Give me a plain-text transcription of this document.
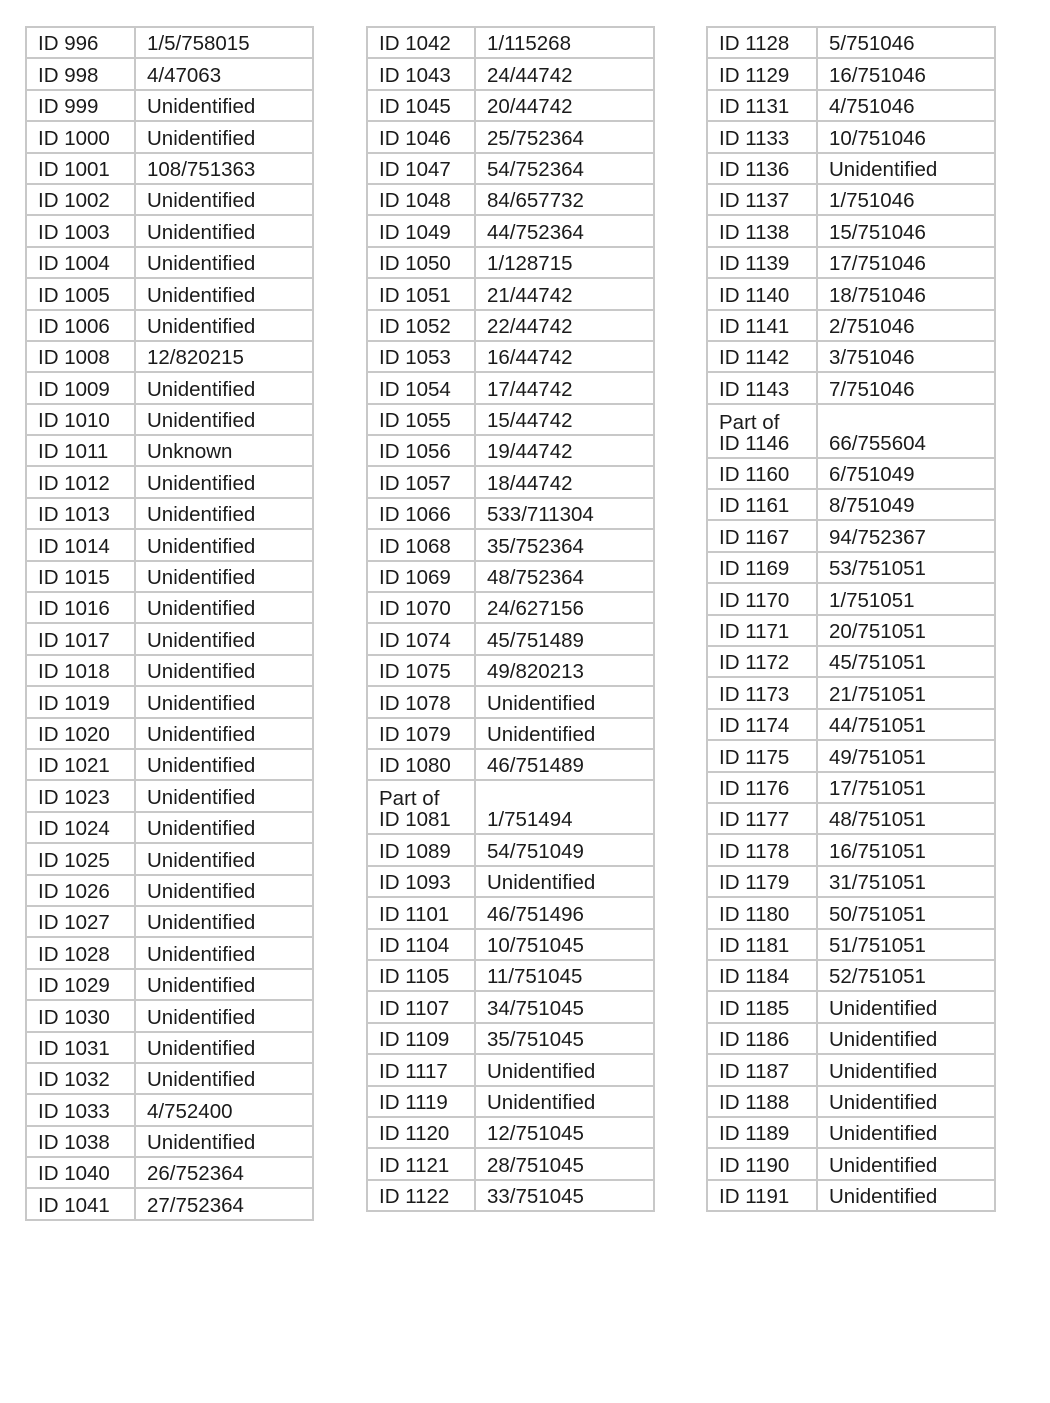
ID 996	1/5/758015
ID 998	4/47063
ID 999	Unidentified
ID 1000	Unidentified
ID 1001	108/751363
ID 1002	Unidentified
ID 1003	Unidentified
ID 1004	Unidentified
ID 1005	Unidentified
ID 1006	Unidentified
ID 1008	12/820215
ID 1009	Unidentified
ID 1010	Unidentified
ID 1011	Unknown
ID 1012	Unidentified
ID 1013	Unidentified
ID 1014	Unidentified
ID 1015	Unidentified
ID 1016	Unidentified
ID 1017	Unidentified
ID 1018	Unidentified
ID 1019	Unidentified
ID 1020	Unidentified
ID 1021	Unidentified
ID 1023	Unidentified
ID 1024	Unidentified
ID 1025	Unidentified
ID 1026	Unidentified
ID 1027	Unidentified
ID 1028	Unidentified
ID 1029	Unidentified
ID 1030	Unidentified
ID 1031	Unidentified
ID 1032	Unidentified
ID 1033	4/752400
ID 1038	Unidentified
ID 1040	26/752364
ID 1041	27/752364
ID 1042	1/115268
ID 1043	24/44742
ID 1045	20/44742
ID 1046	25/752364
ID 1047	54/752364
ID 1048	84/657732
ID 1049	44/752364
ID 1050	1/128715
ID 1051	21/44742
ID 1052	22/44742
ID 1053	16/44742
ID 1054	17/44742
ID 1055	15/44742
ID 1056	19/44742
ID 1057	18/44742
ID 1066	533/711304
ID 1068	35/752364
ID 1069	48/752364
ID 1070	24/627156
ID 1074	45/751489
ID 1075	49/820213
ID 1078	Unidentified
ID 1079	Unidentified
ID 1080	46/751489

Part of
ID 1081	1/751494
ID 1089	54/751049
ID 1093	Unidentified
ID 1101	46/751496
ID 1104	10/751045
ID 1105	11/751045
ID 1107	34/751045
ID 1109	35/751045
ID 1117	Unidentified
ID 1119	Unidentified
ID 1120	12/751045
ID 1121	28/751045
ID 1122	33/751045
ID 1128	5/751046
ID 1129	16/751046
ID 1131	4/751046
ID 1133	10/751046
ID 1136	Unidentified
ID 1137	1/751046
ID 1138	15/751046
ID 1139	17/751046
ID 1140	18/751046
ID 1141	2/751046
ID 1142	3/751046
ID 1143	7/751046

Part of
ID 1146	66/755604
ID 1160	6/751049
ID 1161	8/751049
ID 1167	94/752367
ID 1169	53/751051
ID 1170	1/751051
ID 1171	20/751051
ID 1172	45/751051
ID 1173	21/751051
ID 1174	44/751051
ID 1175	49/751051
ID 1176	17/751051
ID 1177	48/751051
ID 1178	16/751051
ID 1179	31/751051
ID 1180	50/751051
ID 1181	51/751051
ID 1184	52/751051
ID 1185	Unidentified
ID 1186	Unidentified
ID 1187	Unidentified
ID 1188	Unidentified
ID 1189	Unidentified
ID 1190	Unidentified
ID 1191	Unidentified
